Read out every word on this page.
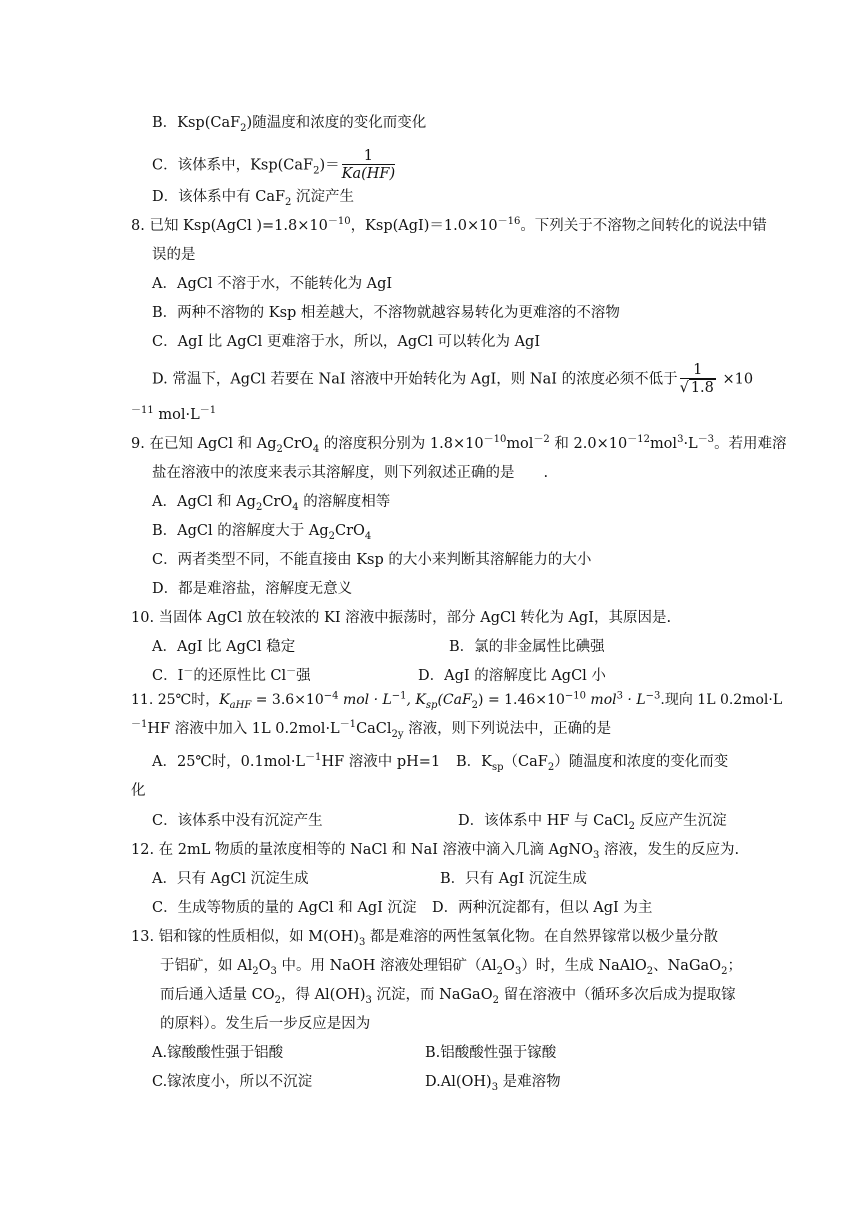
B．Ksp(CaF$_2$)随温度和浓度的变化而变化
C．该体系中，$Ksp(CaF_2)= \frac{1}{Ka(HF)}$
D．该体系中有 CaF$_2$ 沉淀产生
8. 已知 Ksp(AgCl )$=1.8\times 10^{-10}$，$Ksp(AgI)=1.0\times 10^{-16}$。下列关于不溶物之间转化的说法中错
误的是
A．AgCl 不溶于水，不能转化为 AgI
B．两种不溶物的 Ksp 相差越大，不溶物就越容易转化为更难溶的不溶物
C．AgI 比 AgCl 更难溶于水，所以，AgCl 可以转化为 AgI
D. 常温下，AgCl 若要在 NaI 溶液中开始转化为 AgI，则 NaI 的浓度必须不低于 $\frac{1}{√ 1.8} \times 10$
$^{-11}$ $mol\cdot L^{-1}$
9. 在已知 AgCl 和 $Ag_2CrO_4$ 的溶度积分别为 $1.8\times 10^{-10}mol^{-2}$ 和 $2.0\times 10^{-12}mol^3\cdot L^{-3}$。若用难溶
盐在溶液中的浓度来表示其溶解度，则下列叙述正确的是　　.
A．AgCl 和 $Ag_2CrO_4$ 的溶解度相等
B．AgCl 的溶解度大于 $Ag_2CrO_4$
C．两者类型不同，不能直接由 Ksp 的大小来判断其溶解能力的大小
D．都是难溶盐，溶解度无意义
10. 当固体 AgCl 放在较浓的 KI 溶液中振荡时，部分 AgCl 转化为 AgI，其原因是.
A．AgI 比 AgCl 稳定	B．氯的非金属性比碘强
C．I－的还原性比 Cl－强	D．AgI 的溶解度比 AgCl 小
11. 25℃时，$K_{aHF} = 3.6\times 10^{-4}$ mol · $L^{-1}$, $K_{sp}(CaF_2) = 1.46\times 10^{-10}$ $mol^3 \cdot L^{-3}$.现向 1L 0.2mol·L
$^{-1}$HF 溶液中加入 1L $0.2mol\cdot L^{-1}CaCl_{2y}$ 溶液，则下列说法中，正确的是
A．25℃时，$0.1mol\cdot L^{-1}HF$ 溶液中 pH=1 B．$K_{sp}(CaF_2)$随温度和浓度的变化而变
化
C．该体系中没有沉淀产生	D．该体系中 HF 与 CaCl$_2$ 反应产生沉淀
12. 在 2mL 物质的量浓度相等的 NaCl 和 NaI 溶液中滴入几滴 AgNO$_3$ 溶液，发生的反应为.
A．只有 AgCl 沉淀生成	B．只有 AgI 沉淀生成
C．生成等物质的量的 AgCl 和 AgI 沉淀 D．两种沉淀都有，但以 AgI 为主
13. 铝和镓的性质相似，如 $M(OH)_3$ 都是难溶的两性氢氧化物。在自然界镓常以极少量分散
于铝矿，如 $Al_2O_3$ 中。用 NaOH 溶液处理铝矿$(Al_2O_3)$时，生成 NaAlO$_2$、NaGaO$_2$；
而后通入适量 $CO_2$，得 $Al(OH)_3$ 沉淀，而 NaGaO$_2$ 留在溶液中（循环多次后成为提取镓
的原料）。发生后一步反应是因为
A.镓酸酸性强于铝酸	B.铝酸酸性强于镓酸
C.镓浓度小，所以不沉淀	$D.Al(OH)_3$ 是难溶物
